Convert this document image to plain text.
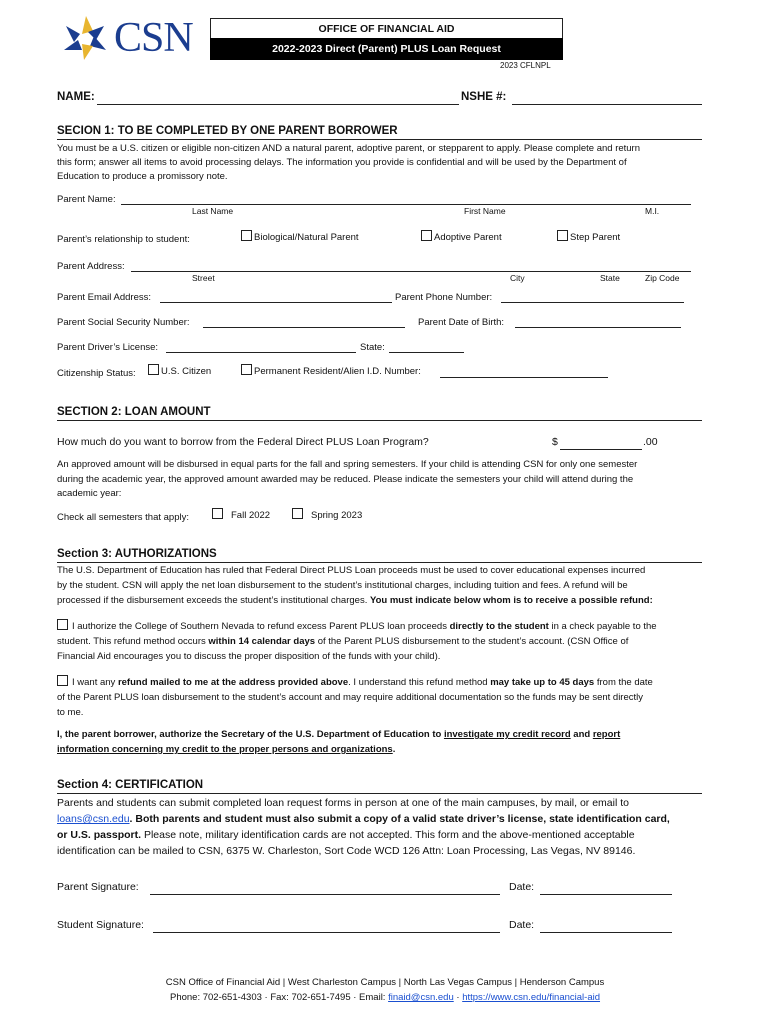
CSN	OFFICE OF FINANCIAL AID
2022-2023 Direct (Parent) PLUS Loan Request
2023 CFLNPL
NAME:	NSHE #:
SECION 1: TO BE COMPLETED BY ONE PARENT BORROWER
You must be a U.S. citizen or eligible non-citizen AND a natural parent, adoptive parent, or stepparent to apply. Please complete and return
this form; answer all items to avoid processing delays. The information you provide is confidential and will be used by the Department of
Education to produce a promissory note.
Parent Name:
Last Name	First Name	M.I.
Parent’s relationship to student:	Biological/Natural Parent	Adoptive Parent	Step Parent
Parent Address:
Street	City	State	Zip Code
Parent Email Address:	Parent Phone Number:
Parent Social Security Number:	Parent Date of Birth:
Parent Driver’s License:	State:
Citizenship Status:	U.S. Citizen	Permanent Resident/Alien I.D. Number:
SECTION 2: LOAN AMOUNT
How much do you want to borrow from the Federal Direct PLUS Loan Program?	$	.00
An approved amount will be disbursed in equal parts for the fall and spring semesters. If your child is attending CSN for only one semester
during the academic year, the approved amount awarded may be reduced. Please indicate the semesters your child will attend during the
academic year:
Check all semesters that apply:	Fall 2022	Spring 2023
Section 3: AUTHORIZATIONS
The U.S. Department of Education has ruled that Federal Direct PLUS Loan proceeds must be used to cover educational expenses incurred
by the student. CSN will apply the net loan disbursement to the student’s institutional charges, including tuition and fees. A refund will be
processed if the disbursement exceeds the student’s institutional charges. You must indicate below whom is to receive a possible refund:
I authorize the College of Southern Nevada to refund excess Parent PLUS loan proceeds directly to the student in a check payable to the
student. This refund method occurs within 14 calendar days of the Parent PLUS disbursement to the student’s account. (CSN Office of
Financial Aid encourages you to discuss the proper disposition of the funds with your child).
I want any refund mailed to me at the address provided above. I understand this refund method may take up to 45 days from the date
of the Parent PLUS loan disbursement to the student’s account and may require additional documentation so the funds may be sent directly
to me.
I, the parent borrower, authorize the Secretary of the U.S. Department of Education to investigate my credit record and report
information concerning my credit to the proper persons and organizations.
Section 4: CERTIFICATION
Parents and students can submit completed loan request forms in person at one of the main campuses, by mail, or email to
loans@csn.edu. Both parents and student must also submit a copy of a valid state driver’s license, state identification card,
or U.S. passport. Please note, military identification cards are not accepted. This form and the above-mentioned acceptable
identification can be mailed to CSN, 6375 W. Charleston, Sort Code WCD 126 Attn: Loan Processing, Las Vegas, NV 89146.
Parent Signature:	Date:
Student Signature:	Date:
CSN Office of Financial Aid | West Charleston Campus | North Las Vegas Campus | Henderson Campus
Phone: 702-651-4303 · Fax: 702-651-7495 · Email: finaid@csn.edu · https://www.csn.edu/financial-aid
